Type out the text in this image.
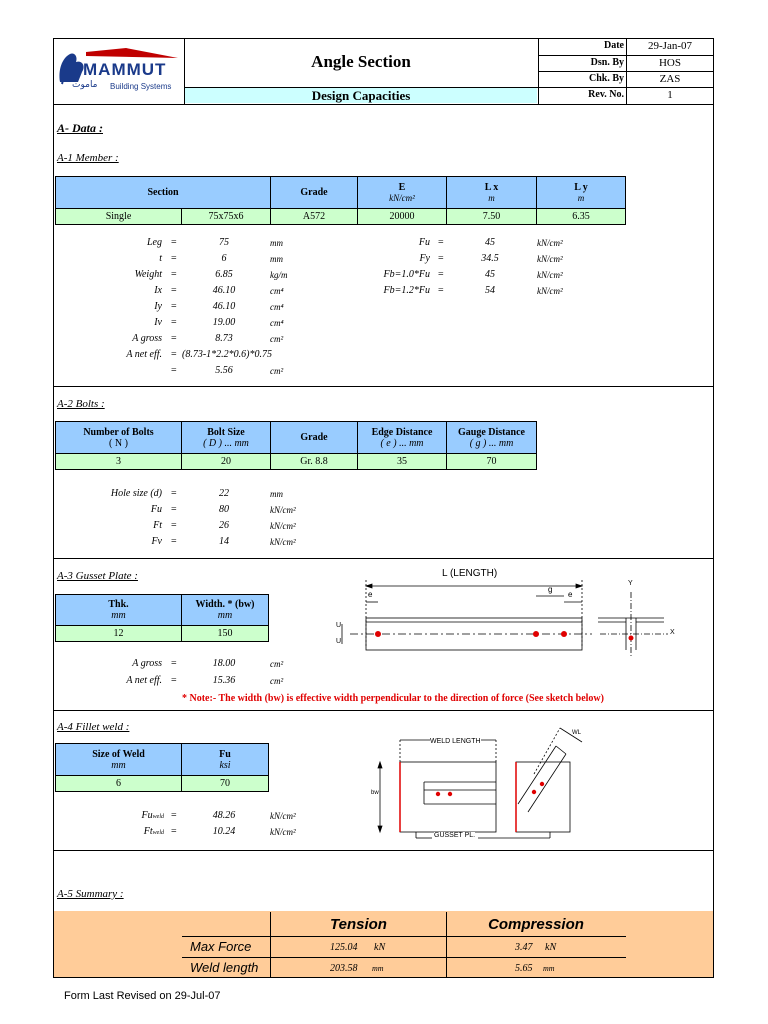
MAMMUT
ماموت Building Systems
Angle Section
Design Capacities
Date	29-Jan-07
Dsn. By	HOS
Chk. By	ZAS
Rev. No.	1
A- Data :
A-1 Member :
Section	Grade	E
kN/cm²
L x
m
L y
m
Single	75x75x6	A572	20000	7.50	6.35
Leg =	75	mm
t =	6	mm
Weight =	6.85	kg/m
Ix =	46.10	cm⁴
Iy =	46.10	cm⁴
Iv =	19.00	cm⁴
A gross =	8.73	cm²
A net eff. = (8.73-1*2.2*0.6)*0.75
=	5.56	cm²
Fu =	45	kN/cm²
Fy =	34.5	kN/cm²
Fb=1.0*Fu =	45	kN/cm²
Fb=1.2*Fu =	54	kN/cm²
A-2 Bolts :
Number of Bolts
( N )
Bolt Size
( D ) ... mm	Grade	Edge Distance
( e ) ... mm
Gauge Distance
( g ) ... mm
3	20	Gr. 8.8	35	70
Hole size (d) =	22	mm
Fu =	80	kN/cm²
Ft =	26	kN/cm²
Fv =	14	kN/cm²
A-3 Gusset Plate :
Thk.
mm
Width. * (bw)
mm
12	150
A gross =	18.00	cm²
A net eff. =	15.36	cm²
* Note:- The width (bw) is effective width perpendicular to the direction of force (See sketch below)
L (LENGTH)
e
g
e
Y
X
U
U
A-4 Fillet weld :
Size of Weld
mm
Fu
ksi
6	70
Fuweld =	48.26	kN/cm²
Ftweld =	10.24	kN/cm²
WELD LENGTH
GUSSET PL.
bw
WL
A-5 Summary :
Tension	Compression
Max Force	125.04 kN	3.47 kN
Weld length	203.58 mm	5.65 mm
Form Last Revised on 29-Jul-07
